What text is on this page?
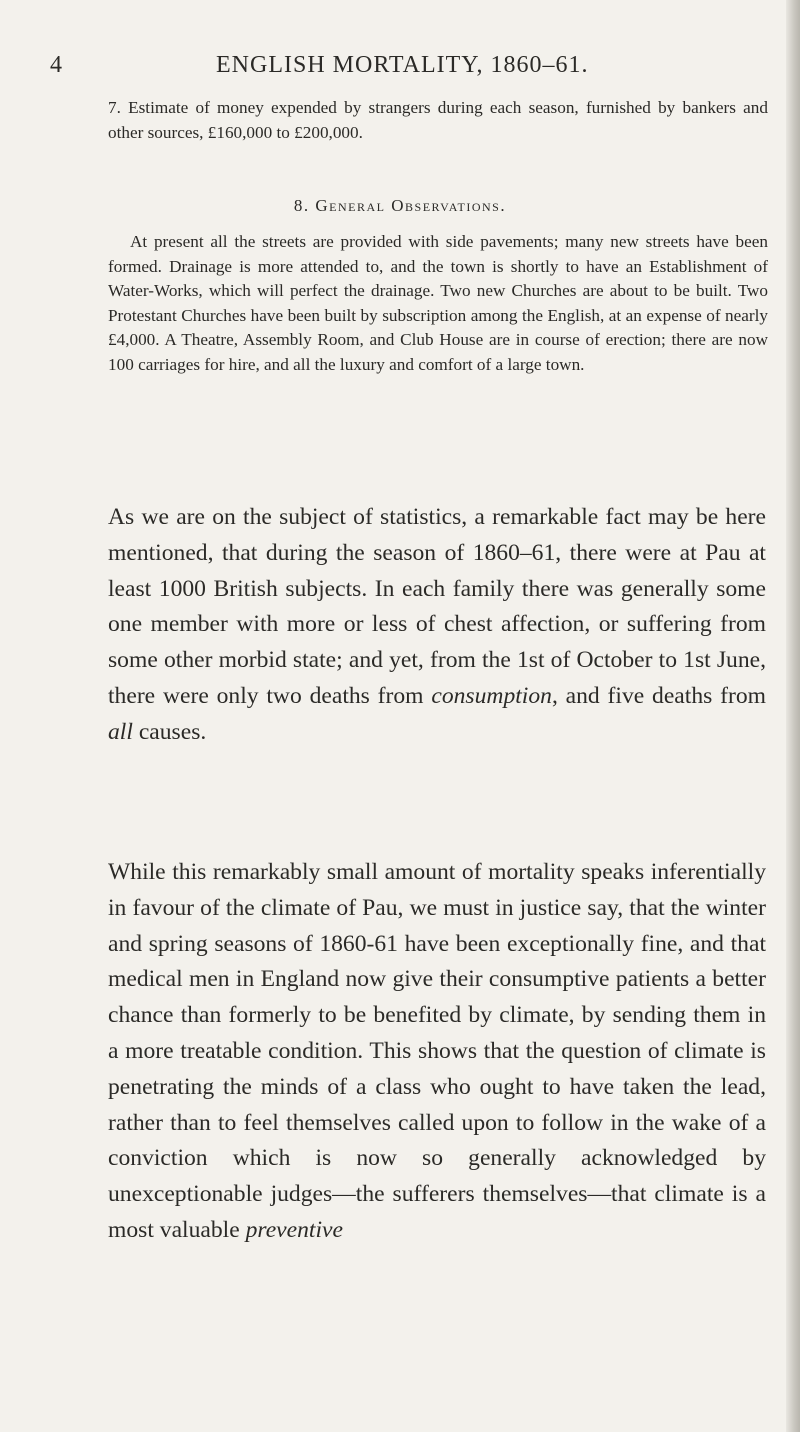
4	ENGLISH MORTALITY, 1860–61.

7. Estimate of money expended by strangers during each season, furnished by bankers and other sources, £160,000 to £200,000.

8. General Observations.

At present all the streets are provided with side pavements; many new streets have been formed. Drainage is more attended to, and the town is shortly to have an Establishment of Water-Works, which will perfect the drainage. Two new Churches are about to be built. Two Protestant Churches have been built by subscription among the English, at an expense of nearly £4,000. A Theatre, Assembly Room, and Club House are in course of erection; there are now 100 carriages for hire, and all the luxury and comfort of a large town.

As we are on the subject of statistics, a remarkable fact may be here mentioned, that during the season of 1860–61, there were at Pau at least 1000 British subjects. In each family there was generally some one member with more or less of chest affection, or suffering from some other morbid state; and yet, from the 1st of October to 1st June, there were only two deaths from consumption, and five deaths from all causes.

While this remarkably small amount of mortality speaks inferentially in favour of the climate of Pau, we must in justice say, that the winter and spring seasons of 1860-61 have been exceptionally fine, and that medical men in England now give their consumptive patients a better chance than formerly to be benefited by climate, by sending them in a more treatable condition. This shows that the question of climate is penetrating the minds of a class who ought to have taken the lead, rather than to feel themselves called upon to follow in the wake of a conviction which is now so generally acknowledged by unexceptionable judges—the sufferers themselves—that climate is a most valuable preventive
